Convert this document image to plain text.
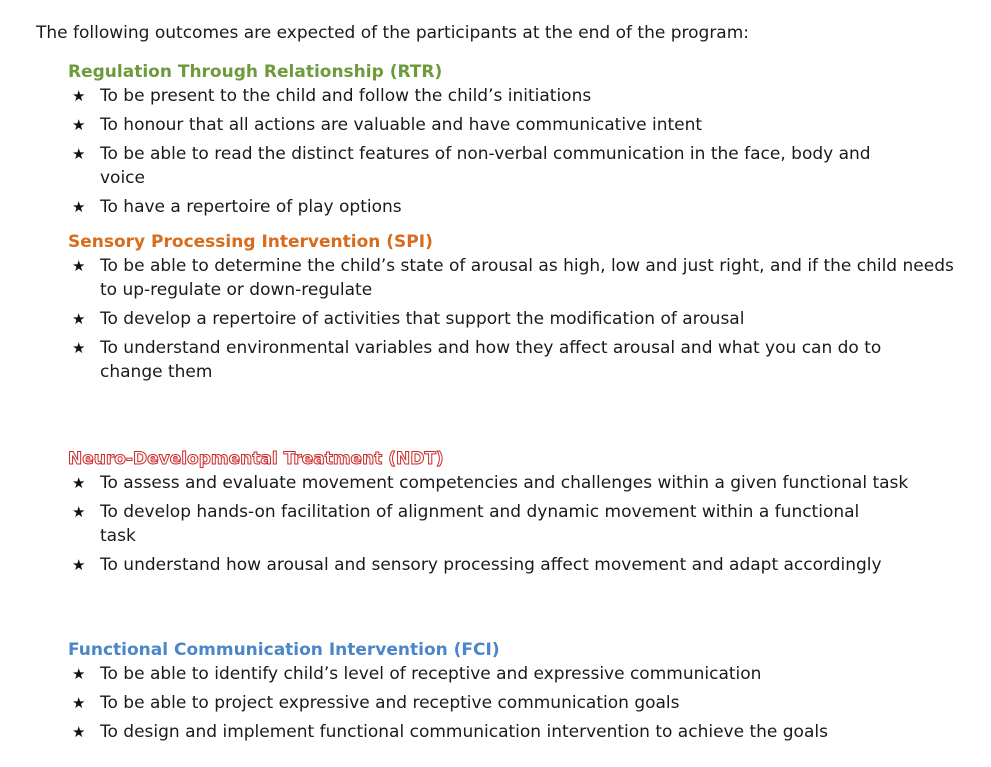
The following outcomes are expected of the participants at the end of the program:
Regulation Through Relationship (RTR)
★ To be present to the child and follow the child’s initiations
★ To honour that all actions are valuable and have communicative intent
★ To be able to read the distinct features of non-verbal communication in the face, body and voice
★ To have a repertoire of play options
Sensory Processing Intervention (SPI)
★ To be able to determine the child’s state of arousal as high, low and just right, and if the child needs to up-regulate or down-regulate
★ To develop a repertoire of activities that support the modification of arousal
★ To understand environmental variables and how they affect arousal and what you can do to change them
Neuro-Developmental Treatment (NDT)
★ To assess and evaluate movement competencies and challenges within a given functional task
★ To develop hands-on facilitation of alignment and dynamic movement within a functional task
★ To understand how arousal and sensory processing affect movement and adapt accordingly
Functional Communication Intervention (FCI)
★ To be able to identify child’s level of receptive and expressive communication
★ To be able to project expressive and receptive communication goals
★ To design and implement functional communication intervention to achieve the goals
